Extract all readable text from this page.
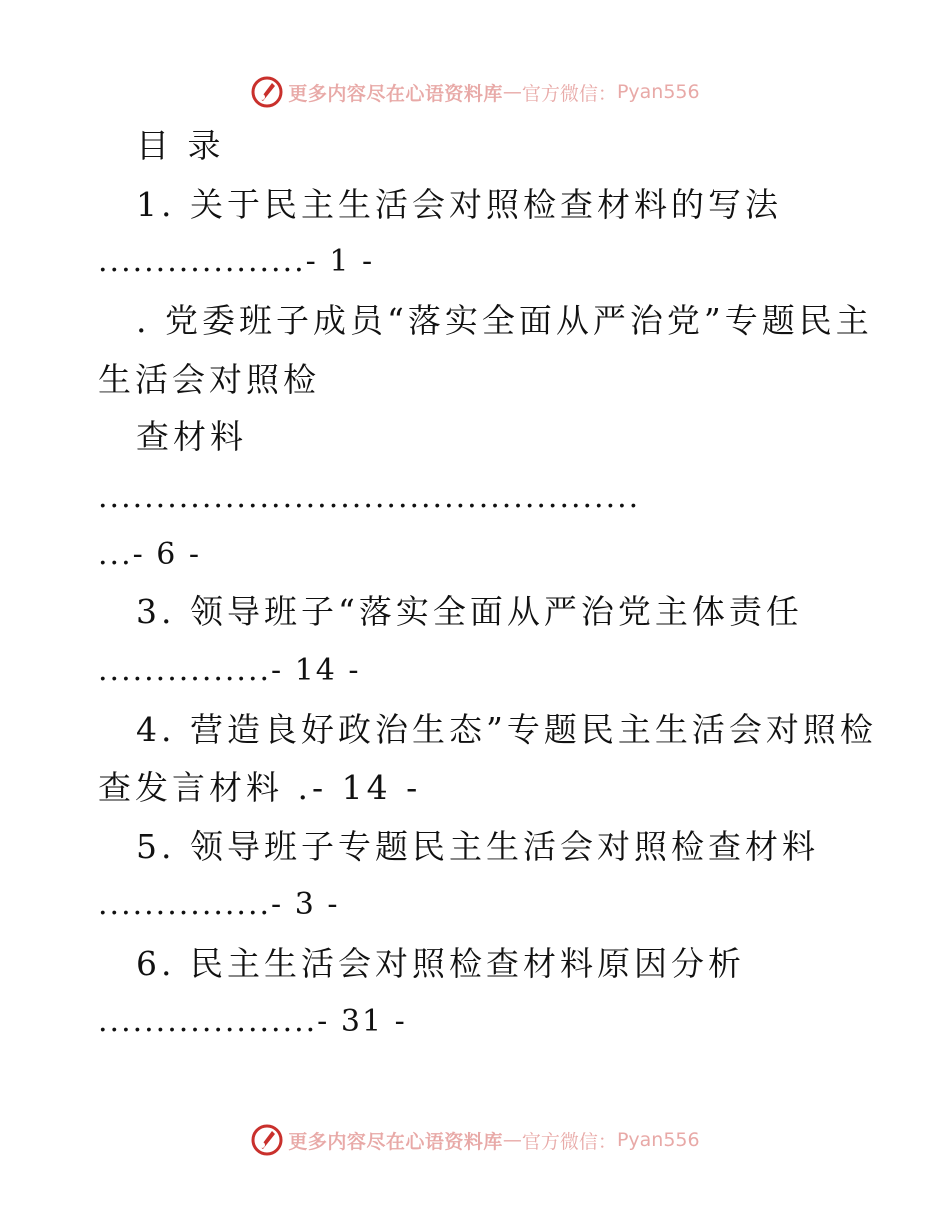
更多内容尽在心语资料库 — 官方微信： Pyan556
目 录
1. 关于民主生活会对照检查材料的写法
..................- 1 -
. 党委班子成员“落实全面从严治党”专题民主
生活会对照检
查材料
...............................................
...- 6 -
3. 领导班子“落实全面从严治党主体责任
...............- 14 -
4. 营造良好政治生态”专题民主生活会对照检
查发言材料 .- 14 -
5. 领导班子专题民主生活会对照检查材料
...............- 3 -
6. 民主生活会对照检查材料原因分析
...................- 31 -
更多内容尽在心语资料库 — 官方微信： Pyan556
